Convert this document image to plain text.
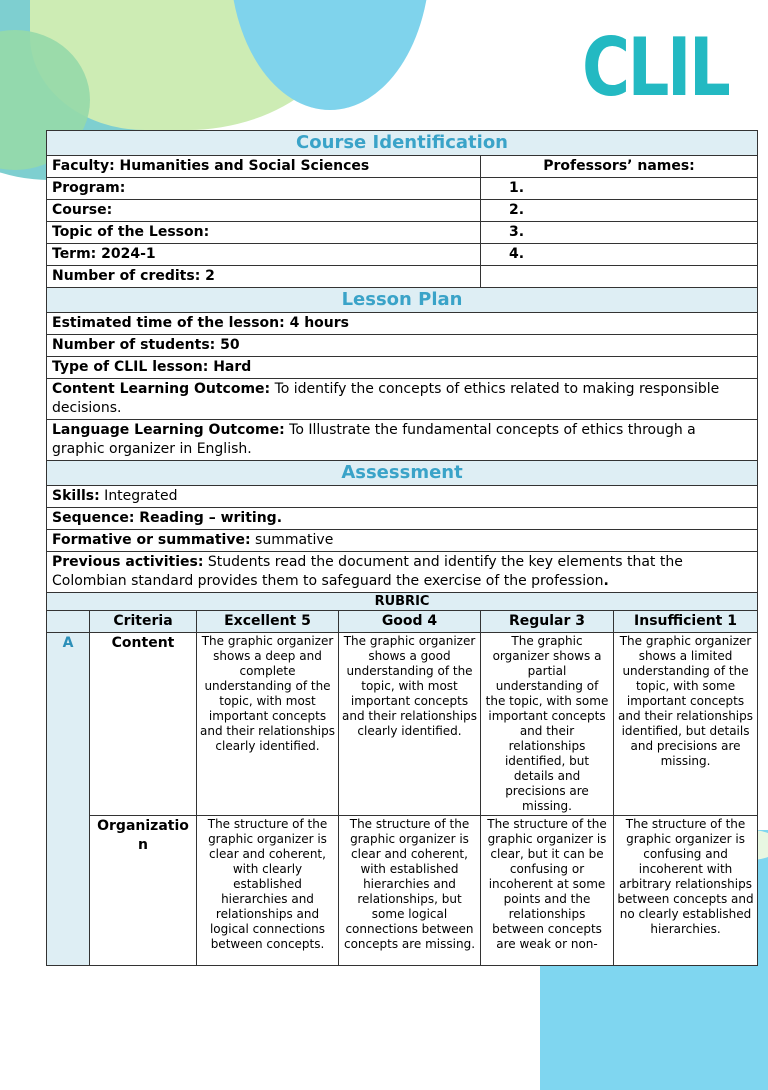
CLIL
Course Identification					
Faculty: Humanities and Social Sciences				Professors’ names:	
Program:				1.	
Course:				2.	
Topic of the Lesson:				3.	
Term: 2024-1				4.	
Number of credits: 2					
Lesson Plan					
Estimated time of the lesson: 4 hours					
Number of students: 50					
Type of CLIL lesson: Hard					
Content Learning Outcome: To identify the concepts of ethics related to making responsible decisions.					
Language Learning Outcome: To Illustrate the fundamental concepts of ethics through a graphic organizer in English.					
Assessment					
Skills: Integrated					
Sequence: Reading – writing.					
Formative or summative: summative					
Previous activities: Students read the document and identify the key elements that the Colombian standard provides them to safeguard the exercise of the profession.					
RUBRIC					
	Criteria	Excellent 5	Good 4	Regular 3	Insufficient 1
A	Content	The graphic organizer shows a deep and complete understanding of the topic, with most important concepts and their relationships clearly identified.	The graphic organizer shows a good understanding of the topic, with most important concepts and their relationships clearly identified.	The graphic organizer shows a partial understanding of the topic, with some important concepts and their relationships identified, but details and precisions are missing.	The graphic organizer shows a limited understanding of the topic, with some important concepts and their relationships identified, but details and precisions are missing.
	Organizatio n	The structure of the graphic organizer is clear and coherent, with clearly established hierarchies and relationships and logical connections between concepts.	The structure of the graphic organizer is clear and coherent, with established hierarchies and relationships, but some logical connections between concepts are missing.	The structure of the graphic organizer is clear, but it can be confusing or incoherent at some points and the relationships between concepts are weak or non-	The structure of the graphic organizer is confusing and incoherent with arbitrary relationships between concepts and no clearly established hierarchies.
